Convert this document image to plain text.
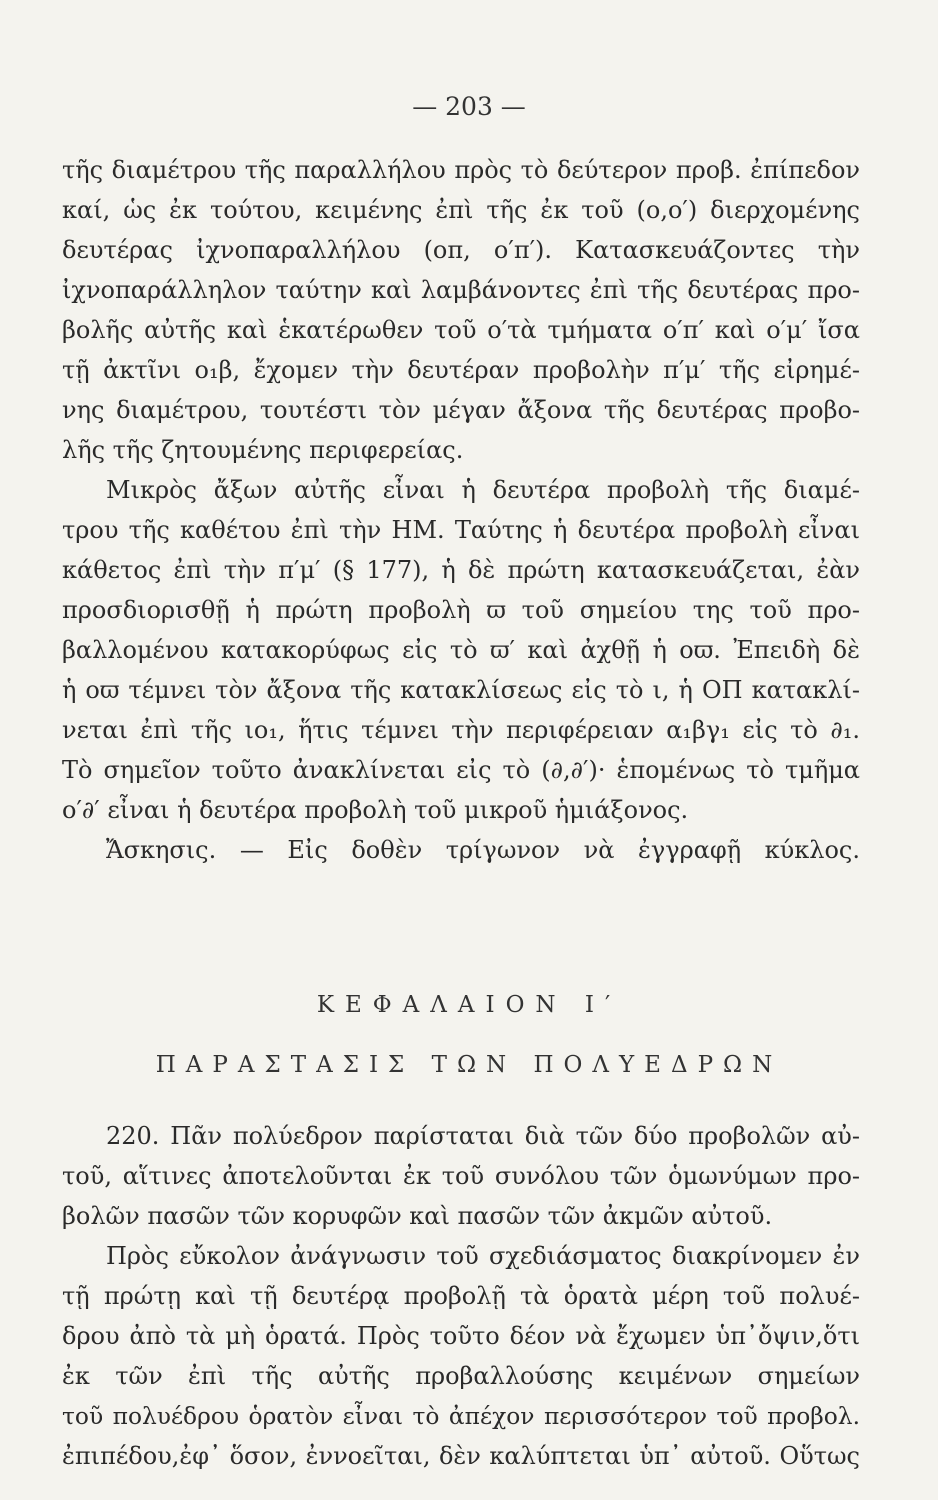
— 203 —
τῆς διαμέτρου τῆς παραλλήλου πρὸς τὸ δεύτερον προβ. ἐπίπεδον
καί, ὡς ἐκ τούτου, κειμένης ἐπὶ τῆς ἐκ τοῦ (ο,ο′) διερχομένης
δευτέρας ἰχνοπαραλλήλου (οπ, ο′π′). Κατασκευάζοντες τὴν
ἰχνοπαράλληλον ταύτην καὶ λαμβάνοντες ἐπὶ τῆς δευτέρας προ-
βολῆς αὐτῆς καὶ ἑκατέρωθεν τοῦ ο′τὰ τμήματα ο′π′ καὶ ο′μ′ ἴσα
τῇ ἀκτῖνι ο₁β, ἔχομεν τὴν δευτέραν προβολὴν π′μ′ τῆς εἰρημέ-
νης διαμέτρου, τουτέστι τὸν μέγαν ἄξονα τῆς δευτέρας προβο-
λῆς τῆς ζητουμένης περιφερείας.
Μικρὸς ἄξων αὐτῆς εἶναι ἡ δευτέρα προβολὴ τῆς διαμέ-
τρου τῆς καθέτου ἐπὶ τὴν ΗΜ. Ταύτης ἡ δευτέρα προβολὴ εἶναι
κάθετος ἐπὶ τὴν π′μ′ (§ 177), ἡ δὲ πρώτη κατασκευάζεται, ἐὰν
προσδιορισθῇ ἡ πρώτη προβολὴ ϖ τοῦ σημείου της τοῦ προ-
βαλλομένου κατακορύφως εἰς τὸ ϖ′ καὶ ἀχθῇ ἡ οϖ. Ἐπειδὴ δὲ
ἡ οϖ τέμνει τὸν ἄξονα τῆς κατακλίσεως εἰς τὸ ι, ἡ ΟΠ κατακλί-
νεται ἐπὶ τῆς ιο₁, ἥτις τέμνει τὴν περιφέρειαν α₁βγ₁ εἰς τὸ ∂₁.
Τὸ σημεῖον τοῦτο ἀνακλίνεται εἰς τὸ (∂,∂′)· ἑπομένως τὸ τμῆμα
ο′∂′ εἶναι ἡ δευτέρα προβολὴ τοῦ μικροῦ ἡμιάξονος.
Ἄσκησις. — Εἰς δοθὲν τρίγωνον νὰ ἐγγραφῇ κύκλος.
ΚΕΦΑΛΑΙΟΝ Ι′
ΠΑΡΑΣΤΑΣΙΣ ΤΩΝ ΠΟΛΥΕΔΡΩΝ
220. Πᾶν πολύεδρον παρίσταται διὰ τῶν δύο προβολῶν αὐ-
τοῦ, αἵτινες ἀποτελοῦνται ἐκ τοῦ συνόλου τῶν ὁμωνύμων προ-
βολῶν πασῶν τῶν κορυφῶν καὶ πασῶν τῶν ἀκμῶν αὐτοῦ.
Πρὸς εὔκολον ἀνάγνωσιν τοῦ σχεδιάσματος διακρίνομεν ἐν
τῇ πρώτῃ καὶ τῇ δευτέρᾳ προβολῇ τὰ ὁρατὰ μέρη τοῦ πολυέ-
δρου ἀπὸ τὰ μὴ ὁρατά. Πρὸς τοῦτο δέον νὰ ἔχωμεν ὑπ᾽ὄψιν,ὅτι
ἐκ τῶν ἐπὶ τῆς αὐτῆς προβαλλούσης κειμένων σημείων
τοῦ πολυέδρου ὁρατὸν εἶναι τὸ ἀπέχον περισσότερον τοῦ προβολ.
ἐπιπέδου,ἐφ᾽ ὅσον, ἐννοεῖται, δὲν καλύπτεται ὑπ᾽ αὐτοῦ. Οὕτως
